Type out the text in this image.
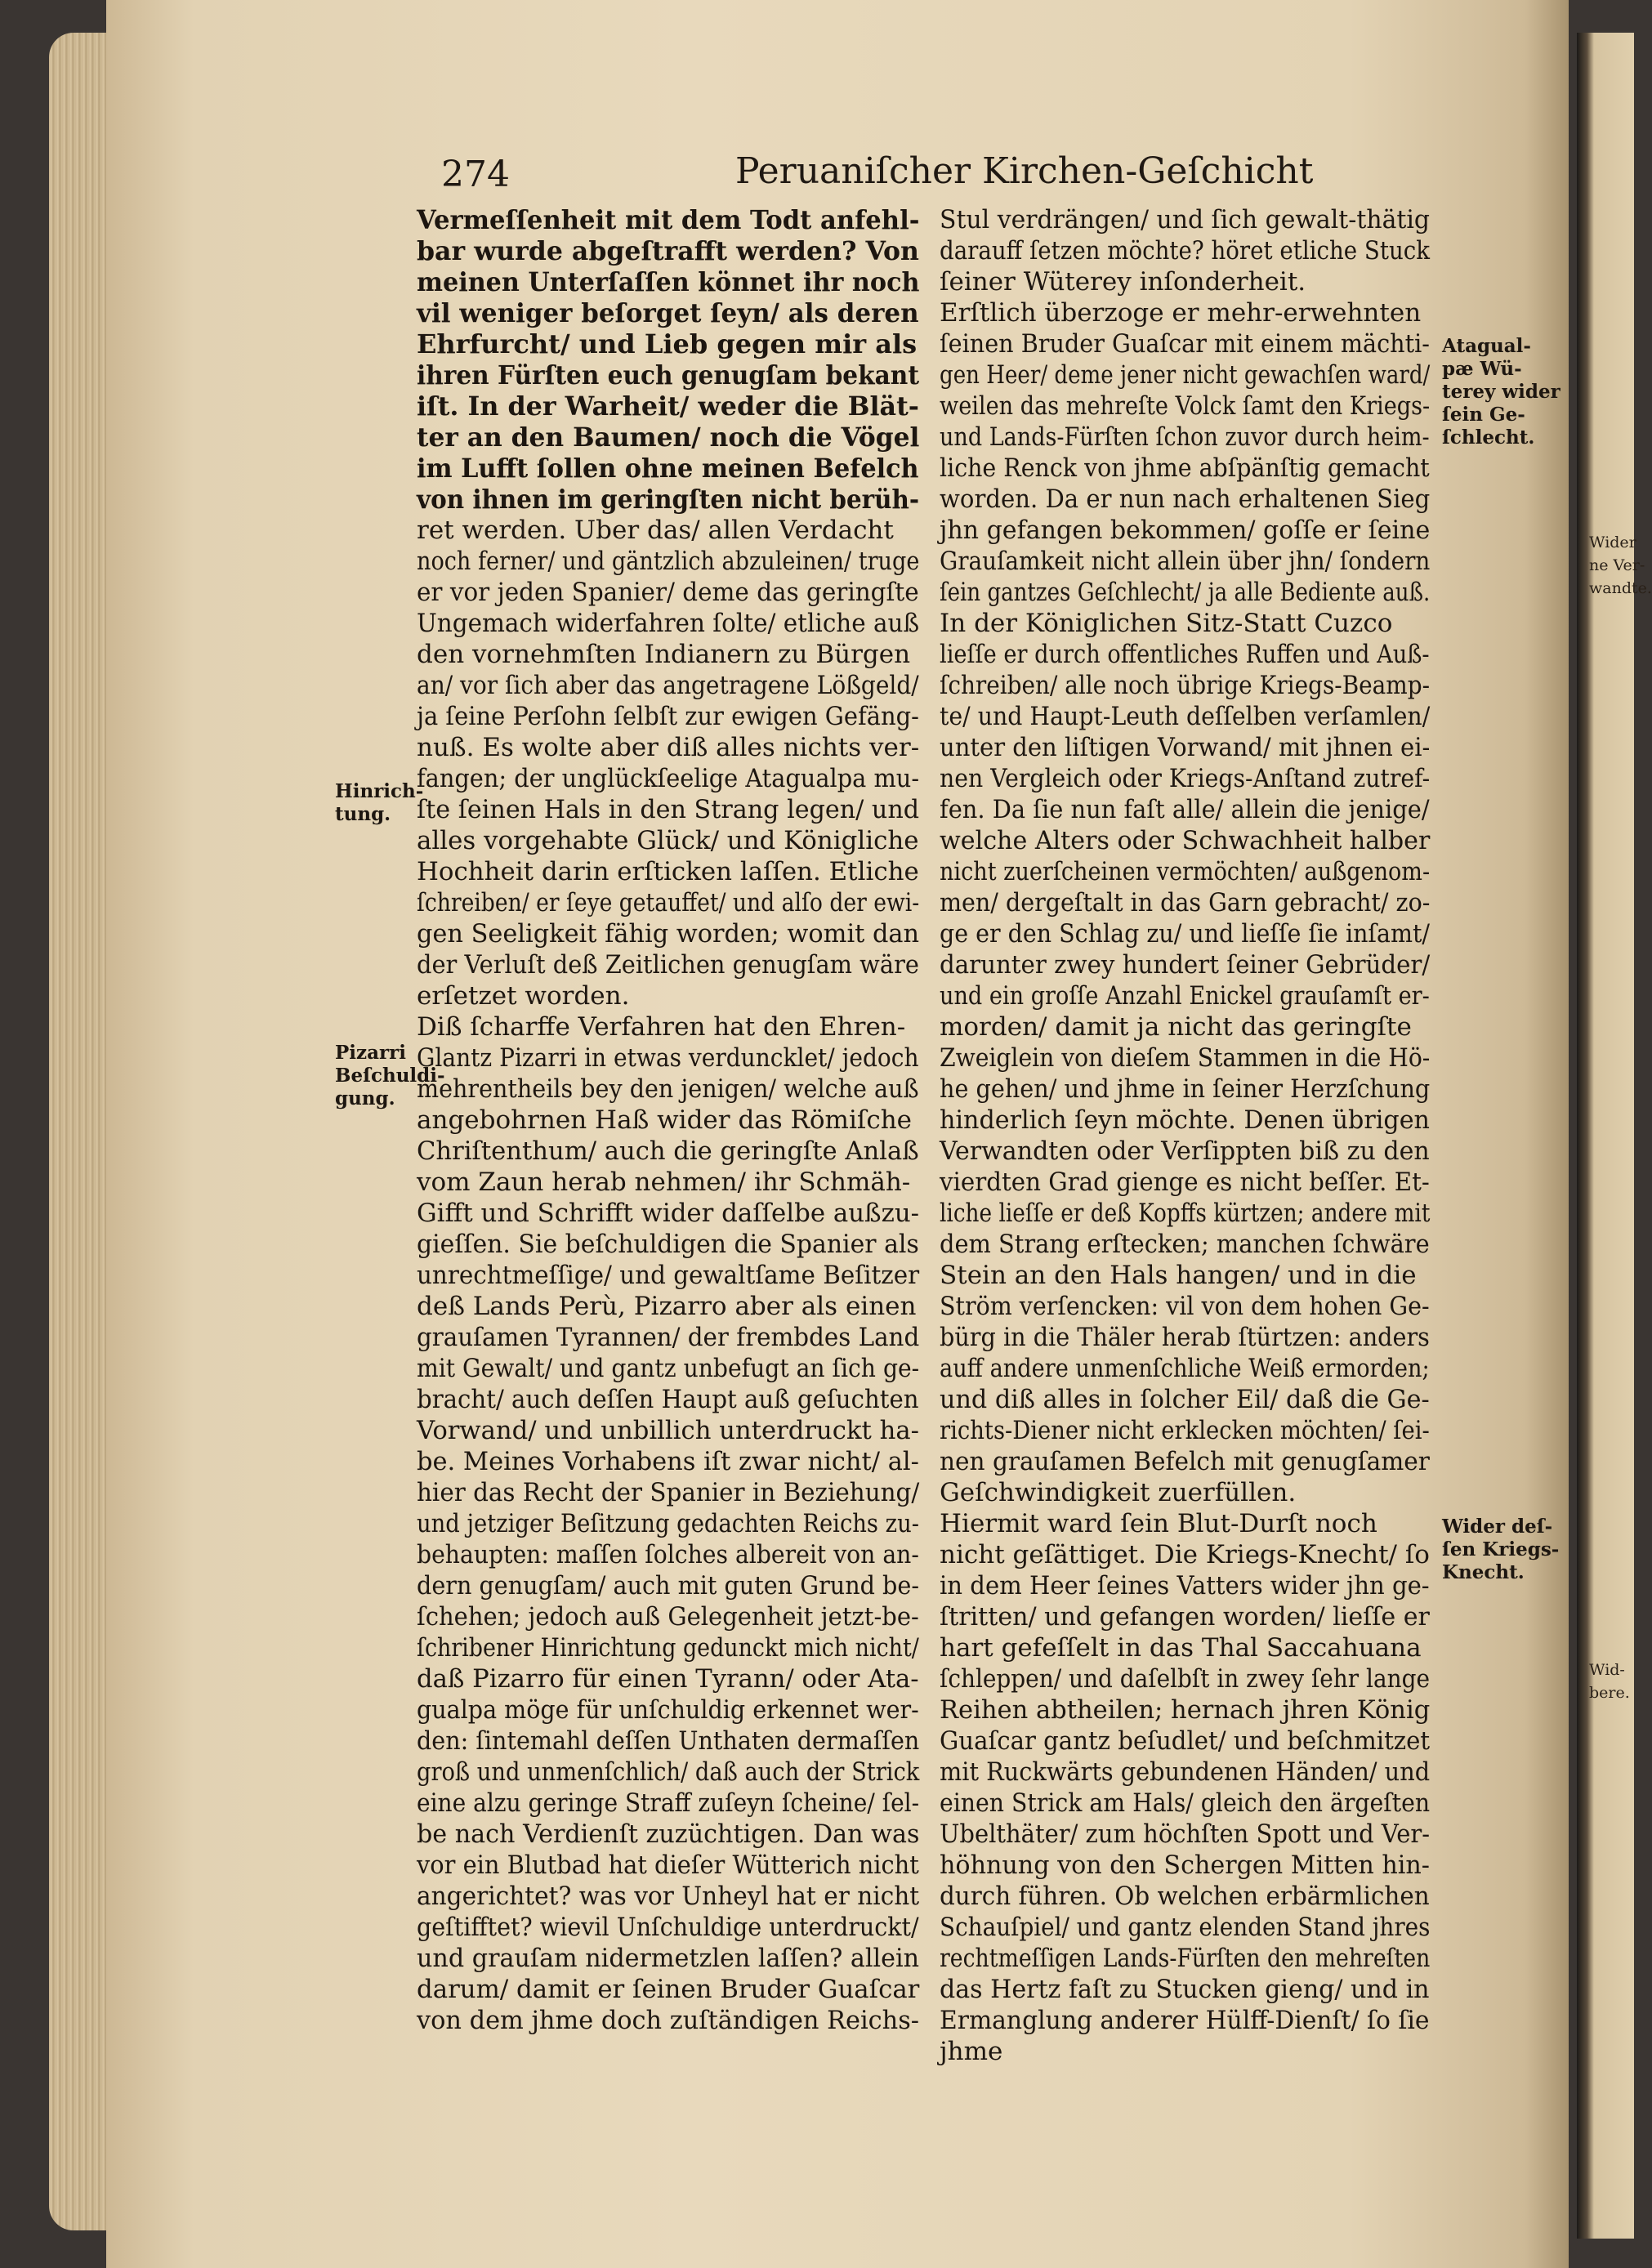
Wider
ne Ver-
wandte.
Wid-
bere.
274	Peruaniſcher Kirchen-Geſchicht
Hinrich-
tung.
Pizarri
Beſchuldi-
gung.
Atagual-
pæ Wü-
terey wider
ſein Ge-
ſchlecht.
Wider deſ-
ſen Kriegs-
Knecht.
Vermeſſenheit mit dem Todt anfehl-
bar wurde abgeſtrafft werden? Von
meinen Unterſaſſen könnet ihr noch
vil weniger beſorget ſeyn/ als deren
Ehrfurcht/ und Lieb gegen mir als
ihren Fürſten euch genugſam bekant
iſt. In der Warheit/ weder die Blät-
ter an den Baumen/ noch die Vögel
im Lufft ſollen ohne meinen Befelch
von ihnen im geringſten nicht berüh-
ret werden. Uber das/ allen Verdacht
noch ferner/ und gäntzlich abzuleinen/ truge
er vor jeden Spanier/ deme das geringſte
Ungemach widerfahren ſolte/ etliche auß
den vornehmſten Indianern zu Bürgen
an/ vor ſich aber das angetragene Lößgeld/
ja ſeine Perſohn ſelbſt zur ewigen Gefäng-
nuß. Es wolte aber diß alles nichts ver-
fangen; der unglückſeelige Atagualpa mu-
ſte ſeinen Hals in den Strang legen/ und
alles vorgehabte Glück/ und Königliche
Hochheit darin erſticken laſſen. Etliche
ſchreiben/ er ſeye getauffet/ und alſo der ewi-
gen Seeligkeit fähig worden; womit dan
der Verluſt deß Zeitlichen genugſam wäre
erſetzet worden.
Diß ſcharffe Verfahren hat den Ehren-
Glantz Pizarri in etwas verduncklet/ jedoch
mehrentheils bey den jenigen/ welche auß
angebohrnen Haß wider das Römiſche
Chriſtenthum/ auch die geringſte Anlaß
vom Zaun herab nehmen/ ihr Schmäh-
Gifft und Schrifft wider daſſelbe außzu-
gieſſen. Sie beſchuldigen die Spanier als
unrechtmeſſige/ und gewaltſame Beſitzer
deß Lands Perù, Pizarro aber als einen
grauſamen Tyrannen/ der frembdes Land
mit Gewalt/ und gantz unbefugt an ſich ge-
bracht/ auch deſſen Haupt auß geſuchten
Vorwand/ und unbillich unterdruckt ha-
be. Meines Vorhabens iſt zwar nicht/ al-
hier das Recht der Spanier in Beziehung/
und jetziger Beſitzung gedachten Reichs zu-
behaupten: maſſen ſolches albereit von an-
dern genugſam/ auch mit guten Grund be-
ſchehen; jedoch auß Gelegenheit jetzt-be-
ſchribener Hinrichtung gedunckt mich nicht/
daß Pizarro für einen Tyrann/ oder Ata-
gualpa möge für unſchuldig erkennet wer-
den: ſintemahl deſſen Unthaten dermaſſen
groß und unmenſchlich/ daß auch der Strick
eine alzu geringe Straff zuſeyn ſcheine/ ſel-
be nach Verdienſt zuzüchtigen. Dan was
vor ein Blutbad hat dieſer Wütterich nicht
angerichtet? was vor Unheyl hat er nicht
geſtifftet? wievil Unſchuldige unterdruckt/
und grauſam nidermetzlen laſſen? allein
darum/ damit er ſeinen Bruder Guaſcar
von dem jhme doch zuſtändigen Reichs-
Stul verdrängen/ und ſich gewalt-thätig
darauff ſetzen möchte? höret etliche Stuck
ſeiner Wüterey inſonderheit.
Erſtlich überzoge er mehr-erwehnten
ſeinen Bruder Guaſcar mit einem mächti-
gen Heer/ deme jener nicht gewachſen ward/
weilen das mehreſte Volck ſamt den Kriegs-
und Lands-Fürſten ſchon zuvor durch heim-
liche Renck von jhme abſpänſtig gemacht
worden. Da er nun nach erhaltenen Sieg
jhn gefangen bekommen/ goſſe er ſeine
Grauſamkeit nicht allein über jhn/ ſondern
ſein gantzes Geſchlecht/ ja alle Bediente auß.
In der Königlichen Sitz-Statt Cuzco
lieſſe er durch offentliches Ruffen und Auß-
ſchreiben/ alle noch übrige Kriegs-Beamp-
te/ und Haupt-Leuth deſſelben verſamlen/
unter den liſtigen Vorwand/ mit jhnen ei-
nen Vergleich oder Kriegs-Anſtand zutref-
fen. Da ſie nun faſt alle/ allein die jenige/
welche Alters oder Schwachheit halber
nicht zuerſcheinen vermöchten/ außgenom-
men/ dergeſtalt in das Garn gebracht/ zo-
ge er den Schlag zu/ und lieſſe ſie inſamt/
darunter zwey hundert ſeiner Gebrüder/
und ein groſſe Anzahl Enickel grauſamſt er-
morden/ damit ja nicht das geringſte
Zweiglein von dieſem Stammen in die Hö-
he gehen/ und jhme in ſeiner Herzſchung
hinderlich ſeyn möchte. Denen übrigen
Verwandten oder Verſippten biß zu den
vierdten Grad gienge es nicht beſſer. Et-
liche lieſſe er deß Kopffs kürtzen; andere mit
dem Strang erſtecken; manchen ſchwäre
Stein an den Hals hangen/ und in die
Ström verſencken: vil von dem hohen Ge-
bürg in die Thäler herab ſtürtzen: anders
auff andere unmenſchliche Weiß ermorden;
und diß alles in ſolcher Eil/ daß die Ge-
richts-Diener nicht erklecken möchten/ ſei-
nen grauſamen Befelch mit genugſamer
Geſchwindigkeit zuerfüllen.
Hiermit ward ſein Blut-Durſt noch
nicht geſättiget. Die Kriegs-Knecht/ ſo
in dem Heer ſeines Vatters wider jhn ge-
ſtritten/ und gefangen worden/ lieſſe er
hart gefeſſelt in das Thal Saccahuana
ſchleppen/ und daſelbſt in zwey ſehr lange
Reihen abtheilen; hernach jhren König
Guaſcar gantz beſudlet/ und beſchmitzet
mit Ruckwärts gebundenen Händen/ und
einen Strick am Hals/ gleich den ärgeſten
Ubelthäter/ zum höchſten Spott und Ver-
höhnung von den Schergen Mitten hin-
durch führen. Ob welchen erbärmlichen
Schauſpiel/ und gantz elenden Stand jhres
rechtmeſſigen Lands-Fürſten den mehreſten
das Hertz faſt zu Stucken gieng/ und in
Ermanglung anderer Hülff-Dienſt/ ſo ſie
jhme
